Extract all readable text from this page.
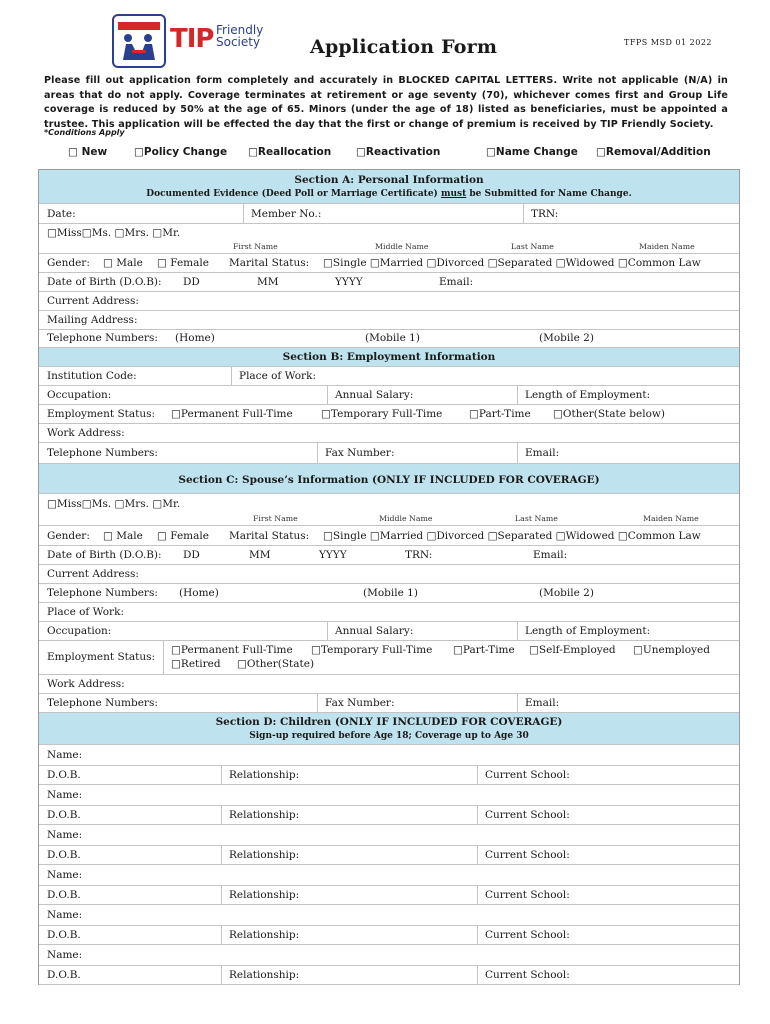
TIP Friendly
Society	Application Form	TFPS MSD 01 2022
Please fill out application form completely and accurately in BLOCKED CAPITAL LETTERS. Write not applicable (N/A) in areas that do not apply. Coverage terminates at retirement or age seventy (70), whichever comes first and Group Life coverage is reduced by 50% at the age of 65. Minors (under the age of 18) listed as beneficiaries, must be appointed a trustee. This application will be effected the day that the first or change of premium is received by TIP Friendly Society.
*Conditions Apply
□ New	□Policy Change □Reallocation □Reactivation	□Name Change □Removal/Addition
Section A: Personal Information
Documented Evidence (Deed Poll or Marriage Certificate) must be Submitted for Name Change.
Date:	Member No.:	TRN:
□Miss□Ms. □Mrs. □Mr.
First Name	Middle Name	Last Name	Maiden Name
Gender: □ Male □ Female Marital Status: □Single □Married □Divorced □Separated □Widowed □Common Law
Date of Birth (D.O.B): DD	MM	YYYY	Email:
Current Address:
Mailing Address:
Telephone Numbers: (Home)	(Mobile 1)	(Mobile 2)
Section B: Employment Information
Institution Code:	Place of Work:
Occupation:	Annual Salary:	Length of Employment:
Employment Status: □Permanent Full-Time	□Temporary Full-Time	□Part-Time □Other(State below)
Work Address:
Telephone Numbers:	Fax Number:	Email:
Section C: Spouse’s Information (ONLY IF INCLUDED FOR COVERAGE)
□Miss□Ms. □Mrs. □Mr.
First Name	Middle Name	Last Name	Maiden Name
Gender: □ Male □ Female Marital Status: □Single □Married □Divorced □Separated □Widowed □Common Law
Date of Birth (D.O.B): DD	MM	YYYY	TRN:	Email:
Current Address:
Telephone Numbers: (Home)	(Mobile 1)	(Mobile 2)
Place of Work:
Occupation:	Annual Salary:	Length of Employment:
Employment Status:
□Permanent Full-Time □Temporary Full-Time □Part-Time □Self-Employed □Unemployed
□Retired □Other(State)
Work Address:
Telephone Numbers:	Fax Number:	Email:
Section D: Children (ONLY IF INCLUDED FOR COVERAGE)
Sign-up required before Age 18; Coverage up to Age 30
Name:
D.O.B.	Relationship:	Current School:
Name:
D.O.B.	Relationship:	Current School:
Name:
D.O.B.	Relationship:	Current School:
Name:
D.O.B.	Relationship:	Current School:
Name:
D.O.B.	Relationship:	Current School:
Name:
D.O.B.	Relationship:	Current School:
